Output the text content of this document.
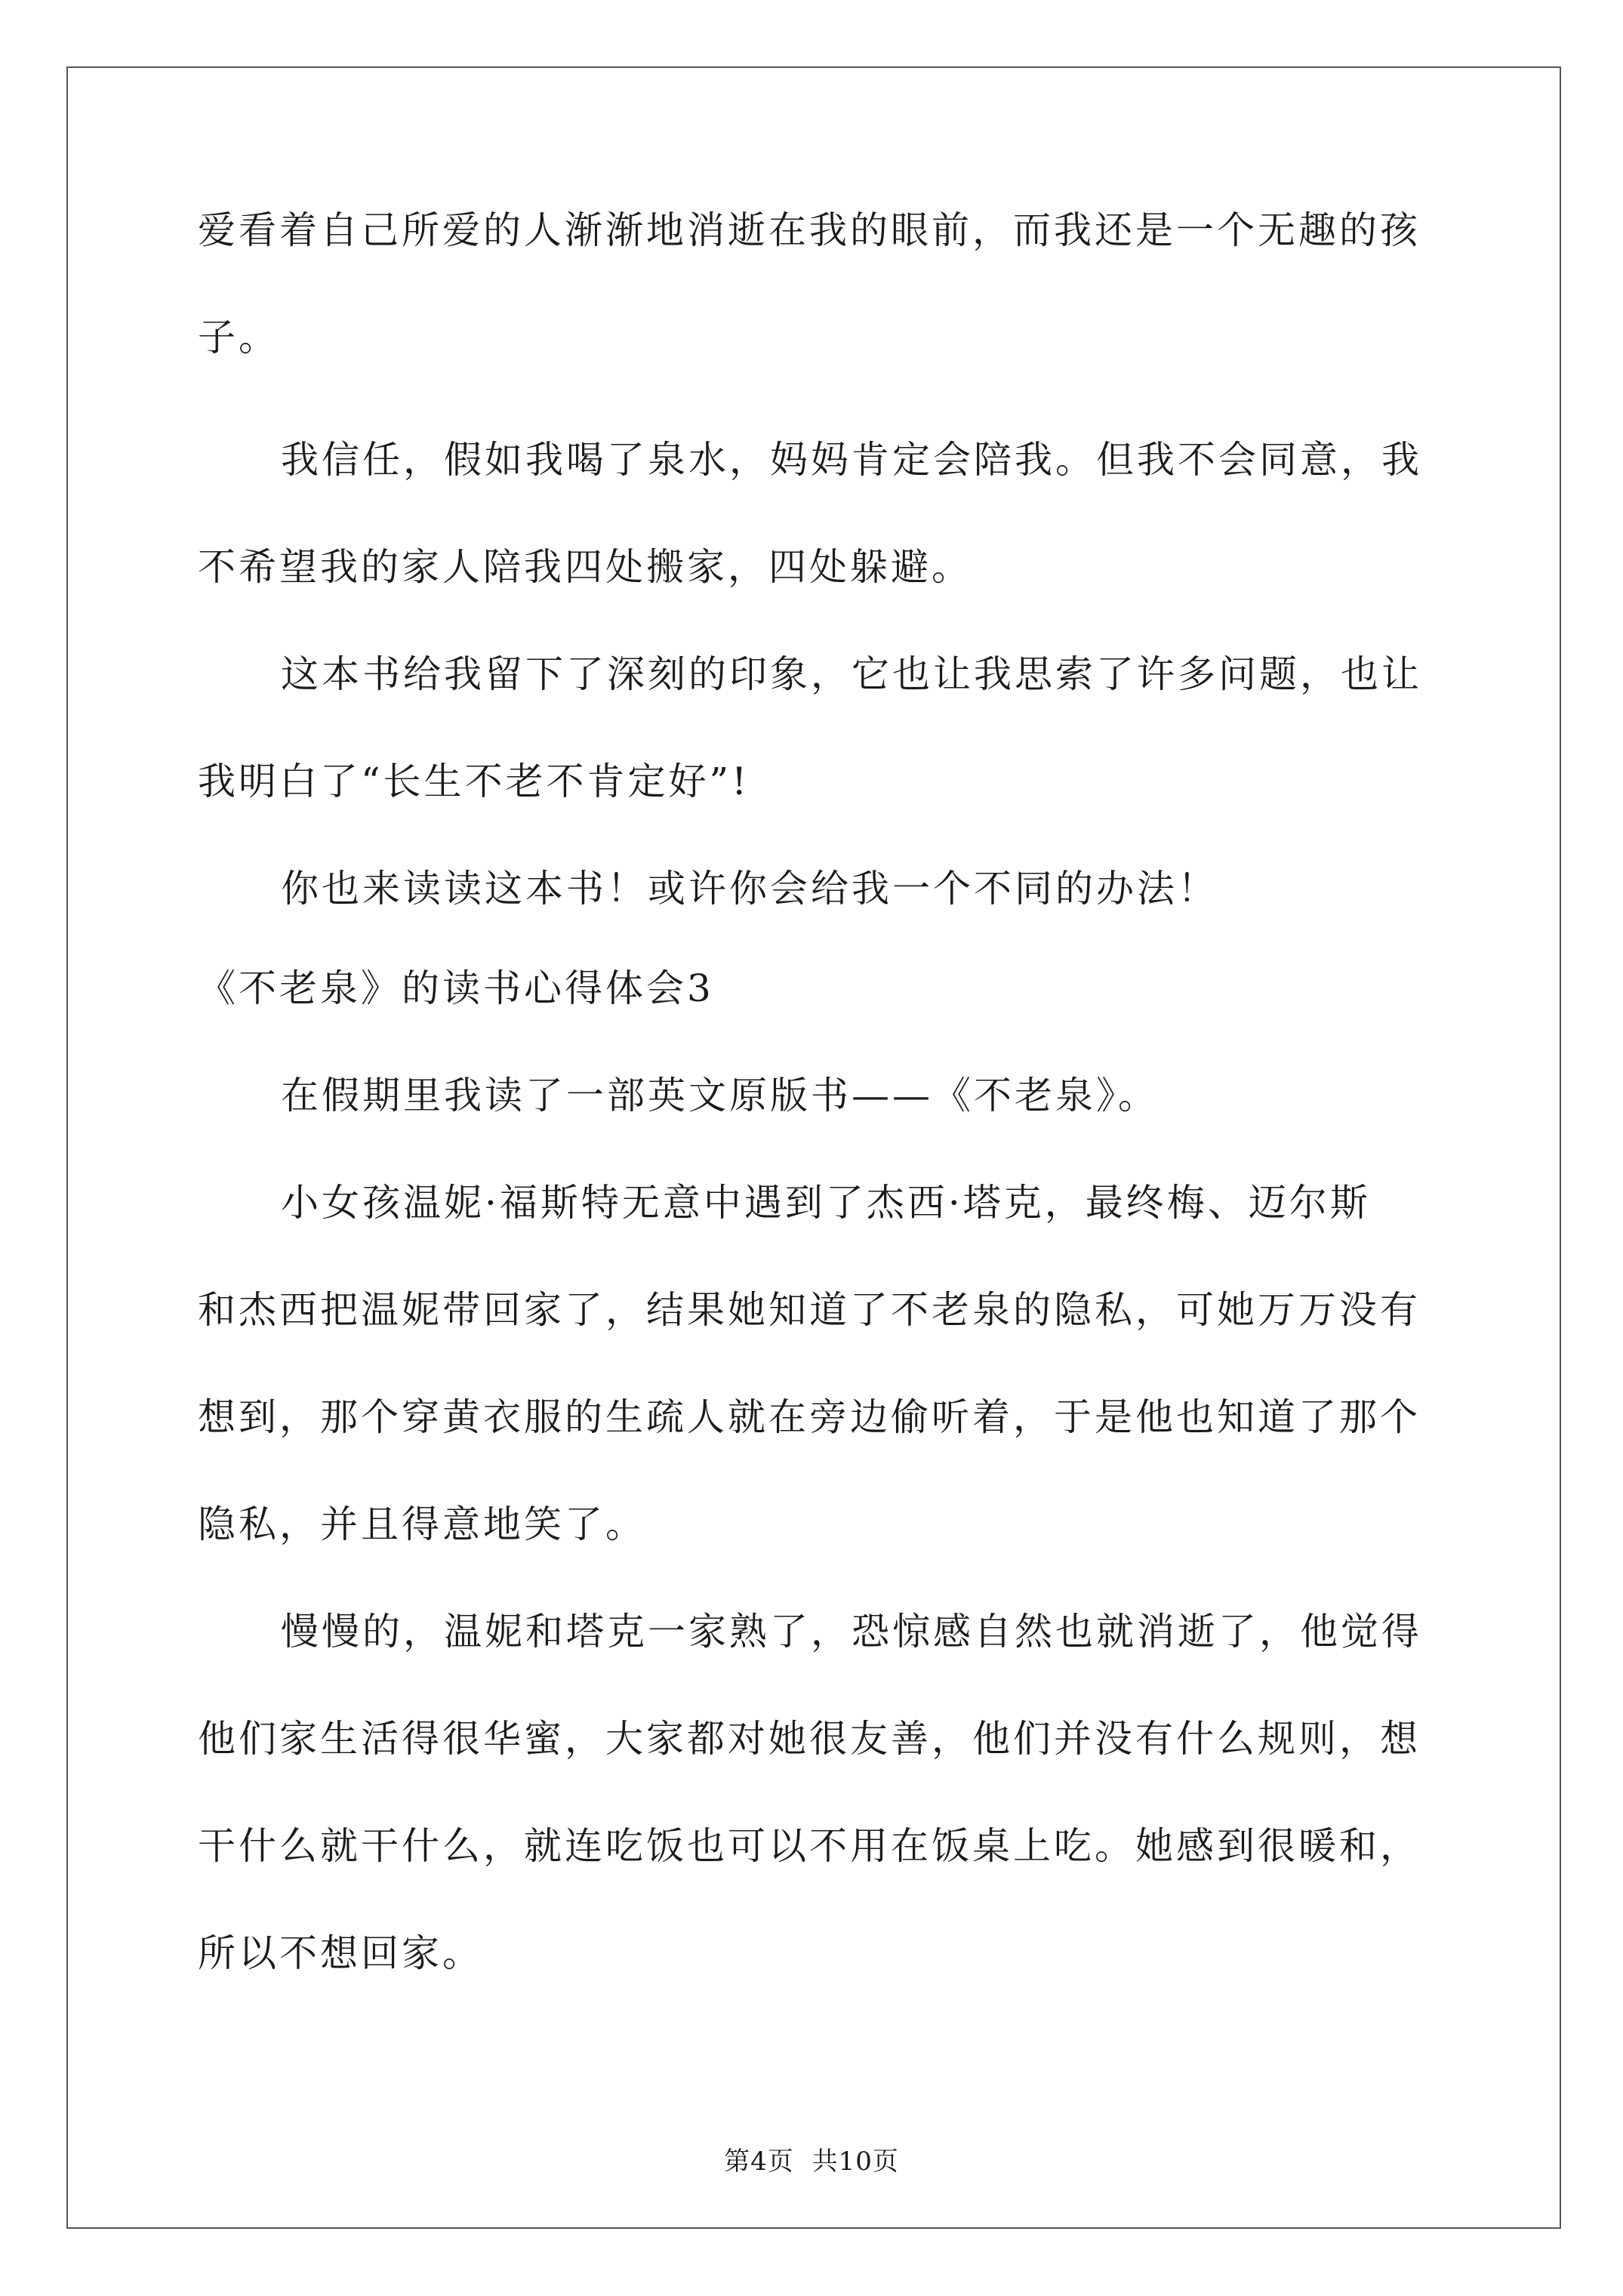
爱看着自己所爱的人渐渐地消逝在我的眼前，而我还是一个无趣的孩
子。
我信任，假如我喝了泉水，妈妈肯定会陪我。但我不会同意，我
不希望我的家人陪我四处搬家，四处躲避。
这本书给我留下了深刻的印象，它也让我思索了许多问题，也让
我明白了“长生不老不肯定好”!
你也来读读这本书！或许你会给我一个不同的办法！
《不老泉》的读书心得体会3
在假期里我读了一部英文原版书——《不老泉》。
小女孩温妮·福斯特无意中遇到了杰西·塔克，最终梅、迈尔斯
和杰西把温妮带回家了，结果她知道了不老泉的隐私，可她万万没有
想到，那个穿黄衣服的生疏人就在旁边偷听着，于是他也知道了那个
隐私，并且得意地笑了。
慢慢的，温妮和塔克一家熟了，恐惊感自然也就消逝了，他觉得
他们家生活得很华蜜，大家都对她很友善，他们并没有什么规则，想
干什么就干什么，就连吃饭也可以不用在饭桌上吃。她感到很暖和，
所以不想回家。
第4页 共10页
